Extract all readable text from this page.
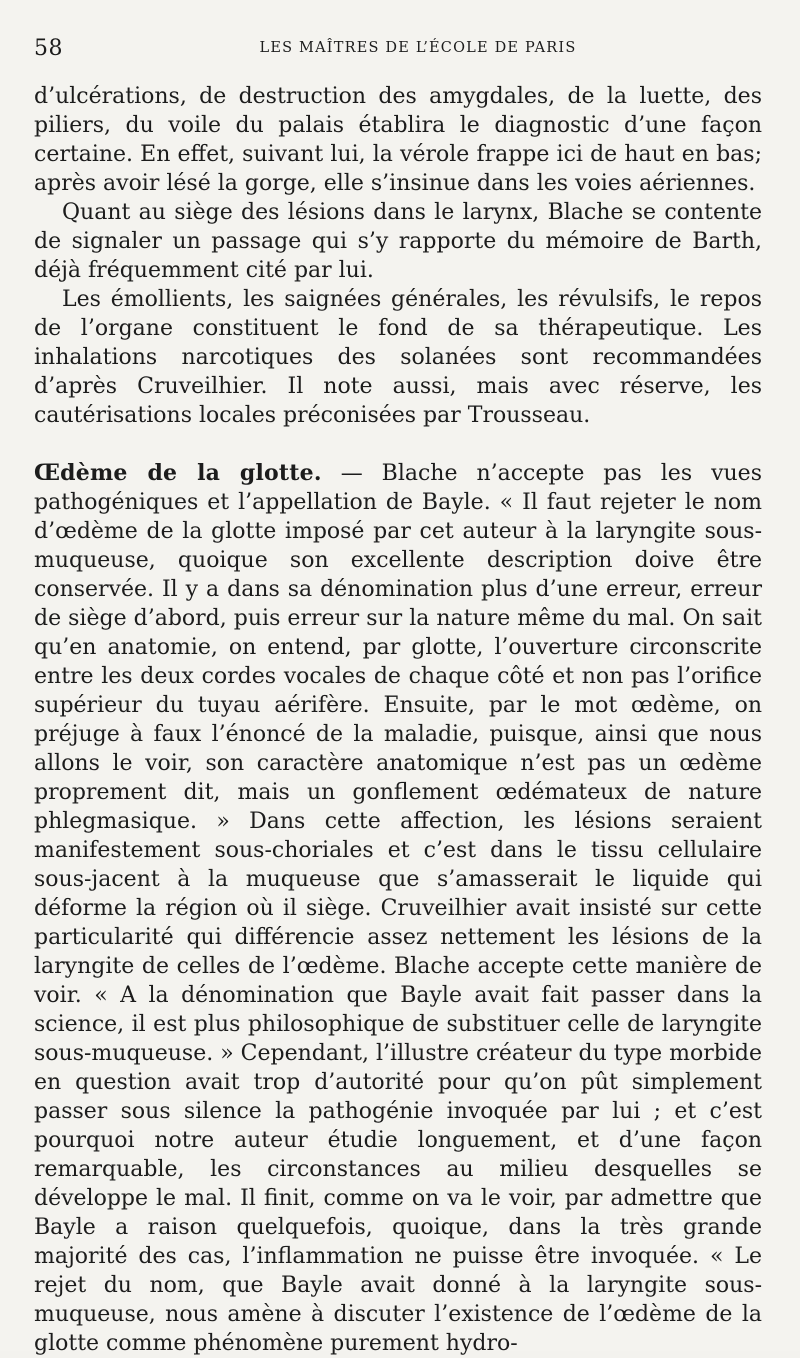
58	LES MAÎTRES DE L’ÉCOLE DE PARIS

d’ulcérations, de destruction des amygdales, de la luette, des piliers, du voile du palais établira le diagnostic d’une façon certaine. En effet, suivant lui, la vérole frappe ici de haut en bas; après avoir lésé la gorge, elle s’insinue dans les voies aériennes.

Quant au siège des lésions dans le larynx, Blache se contente de signaler un passage qui s’y rapporte du mémoire de Barth, déjà fréquemment cité par lui.

Les émollients, les saignées générales, les révulsifs, le repos de l’organe constituent le fond de sa thérapeutique. Les inhalations narcotiques des solanées sont recommandées d’après Cruveilhier. Il note aussi, mais avec réserve, les cautérisations locales préconisées par Trousseau.

Œdème de la glotte. — Blache n’accepte pas les vues pathogéniques et l’appellation de Bayle. « Il faut rejeter le nom d’œdème de la glotte imposé par cet auteur à la laryngite sous-muqueuse, quoique son excellente description doive être conservée. Il y a dans sa dénomination plus d’une erreur, erreur de siège d’abord, puis erreur sur la nature même du mal. On sait qu’en anatomie, on entend, par glotte, l’ouverture circonscrite entre les deux cordes vocales de chaque côté et non pas l’orifice supérieur du tuyau aérifère. Ensuite, par le mot œdème, on préjuge à faux l’énoncé de la maladie, puisque, ainsi que nous allons le voir, son caractère anatomique n’est pas un œdème proprement dit, mais un gonflement œdémateux de nature phlegmasique. » Dans cette affection, les lésions seraient manifestement sous-choriales et c’est dans le tissu cellulaire sous-jacent à la muqueuse que s’amasserait le liquide qui déforme la région où il siège. Cruveilhier avait insisté sur cette particularité qui différencie assez nettement les lésions de la laryngite de celles de l’œdème. Blache accepte cette manière de voir. « A la dénomination que Bayle avait fait passer dans la science, il est plus philosophique de substituer celle de laryngite sous-muqueuse. » Cependant, l’illustre créateur du type morbide en question avait trop d’autorité pour qu’on pût simplement passer sous silence la pathogénie invoquée par lui ; et c’est pourquoi notre auteur étudie longuement, et d’une façon remarquable, les circonstances au milieu desquelles se développe le mal. Il finit, comme on va le voir, par admettre que Bayle a raison quelquefois, quoique, dans la très grande majorité des cas, l’inflammation ne puisse être invoquée. « Le rejet du nom, que Bayle avait donné à la laryngite sous-muqueuse, nous amène à discuter l’existence de l’œdème de la glotte comme phénomène purement hydro-
